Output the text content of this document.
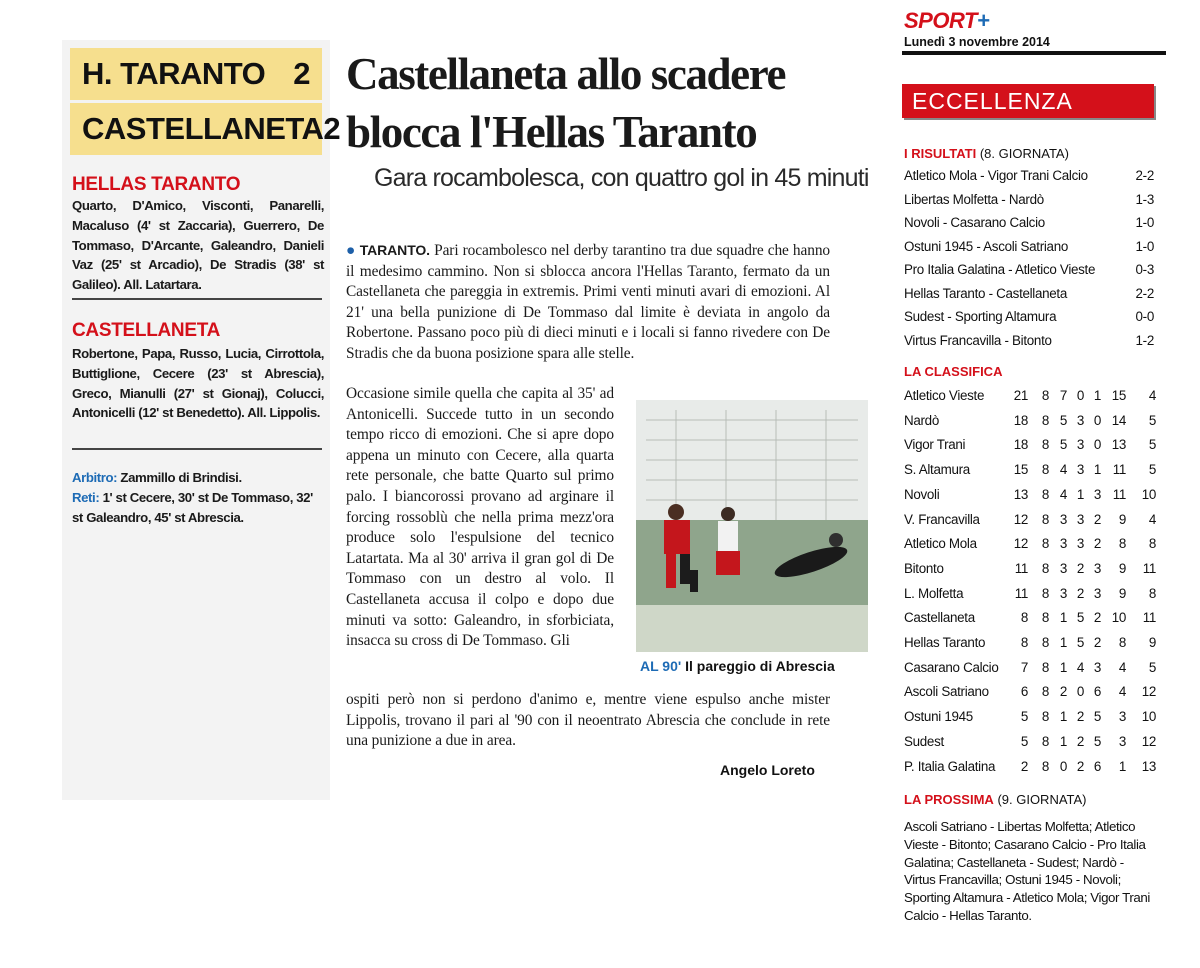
H. TARANTO 2
CASTELLANETA 2
HELLAS TARANTO
Quarto, D'Amico, Visconti, Panarelli, Macaluso (4' st Zaccaria), Guerrero, De Tommaso, D'Arcante, Galeandro, Danieli Vaz (25' st Arcadio), De Stradis (38' st Galileo). All. Latartara.
CASTELLANETA
Robertone, Papa, Russo, Lucia, Cirrottola, Buttiglione, Cecere (23' st Abrescia), Greco, Mianulli (27' st Gionaj), Colucci, Antonicelli (12' st Benedetto). All. Lippolis.
Arbitro: Zammillo di Brindisi.
Reti: 1' st Cecere, 30' st De Tommaso, 32' st Galeandro, 45' st Abrescia.
Castellaneta allo scadere
blocca l'Hellas Taranto
Gara rocambolesca, con quattro gol in 45 minuti
● TARANTO. Pari rocambolesco nel derby tarantino tra due squadre che hanno il medesimo cammino. Non si sblocca ancora l'Hellas Taranto, fermato da un Castellaneta che pareggia in extremis. Primi venti minuti avari di emozioni. Al 21' una bella punizione di De Tommaso dal limite è deviata in angolo da Robertone. Passano poco più di dieci minuti e i locali si fanno rivedere con De Stradis che da buona posizione spara alle stelle.
Occasione simile quella che capita al 35' ad Antonicelli. Succede tutto in un secondo tempo ricco di emozioni. Che si apre dopo appena un minuto con Cecere, alla quarta rete personale, che batte Quarto sul primo palo. I biancorossi provano ad arginare il forcing rossoblù che nella prima mezz'ora produce solo l'espulsione del tecnico Latartata. Ma al 30' arriva il gran gol di De Tommaso con un destro al volo. Il Castellaneta accusa il colpo e dopo due minuti va sotto: Galeandro, in sforbiciata, insacca su cross di De Tommaso. Gli
AL 90' Il pareggio di Abrescia
ospiti però non si perdono d'animo e, mentre viene espulso anche mister Lippolis, trovano il pari al '90 con il neoentrato Abrescia che conclude in rete una punizione a due in area.
Angelo Loreto
SPORT+
Lunedì 3 novembre 2014
ECCELLENZA
I RISULTATI (8. GIORNATA)
Atletico Mola - Vigor Trani Calcio	2-2
Libertas Molfetta - Nardò	1-3
Novoli - Casarano Calcio	1-0
Ostuni 1945 - Ascoli Satriano	1-0
Pro Italia Galatina - Atletico Vieste	0-3
Hellas Taranto - Castellaneta	2-2
Sudest - Sporting Altamura	0-0
Virtus Francavilla - Bitonto	1-2
LA CLASSIFICA
Atletico Vieste 21 8 7 0 1 15 4
Nardò	18 8 5 3 0 14 5
Vigor Trani	18 8 5 3 0 13 5
S. Altamura	15 8 4 3 1 11 5
Novoli	13 8 4 1 3 11 10
V. Francavilla	12 8 3 3 2 9 4
Atletico Mola	12 8 3 3 2 8 8
Bitonto	11 8 3 2 3 9 11
L. Molfetta	11 8 3 2 3 9 8
Castellaneta	8 8 1 5 2 10 11
Hellas Taranto	8 8 1 5 2 8 9
Casarano Calcio 7 8 1 4 3 4 5
Ascoli Satriano 6 8 2 0 6 4 12
Ostuni 1945	5 8 1 2 5 3 10
Sudest	5 8 1 2 5 3 12
P. Italia Galatina 2 8 0 2 6 1 13
LA PROSSIMA (9. GIORNATA)
Ascoli Satriano - Libertas Molfetta; Atletico Vieste - Bitonto; Casarano Calcio - Pro Italia Galatina; Castellaneta - Sudest; Nardò - Virtus Francavilla; Ostuni 1945 - Novoli; Sporting Altamura - Atletico Mola; Vigor Trani Calcio - Hellas Taranto.
